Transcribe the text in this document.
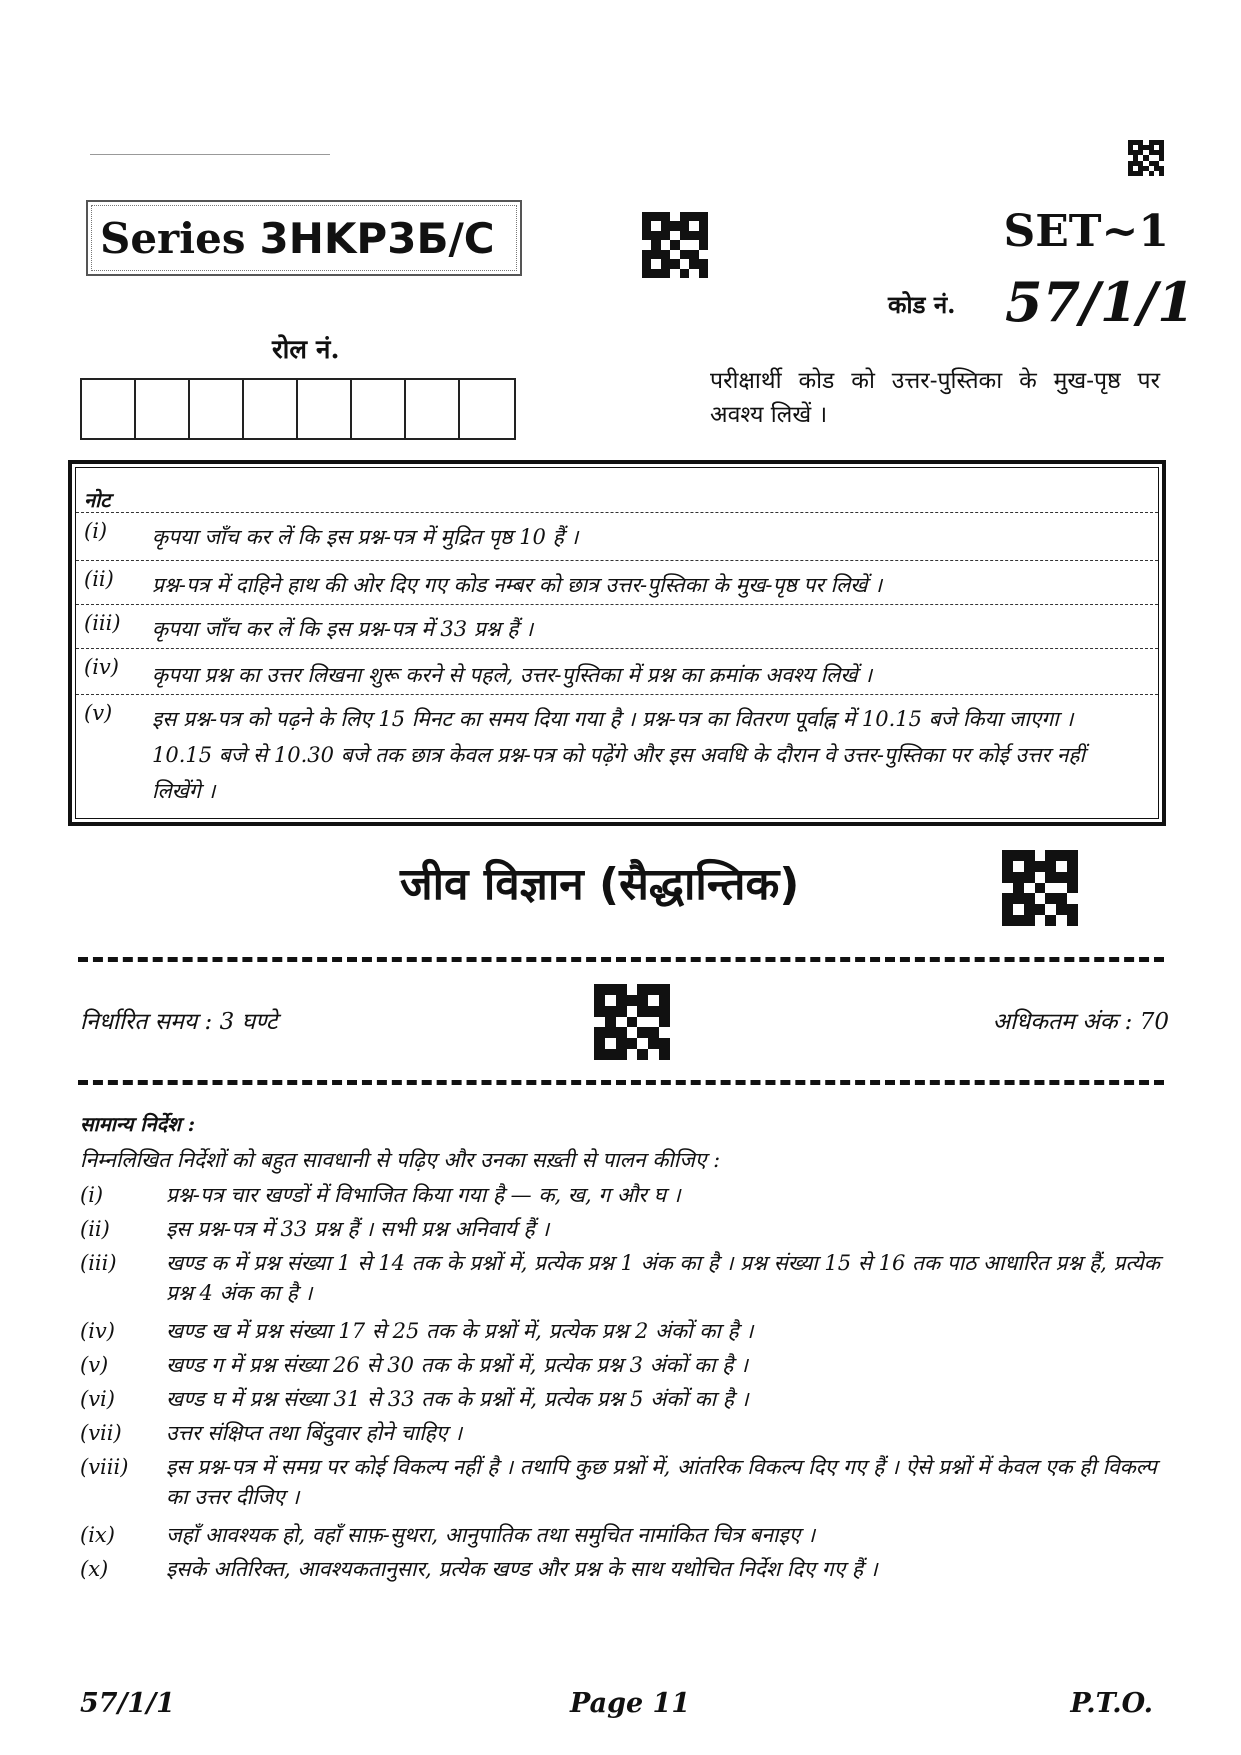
Series 3HKP3Б/C	SET~1
कोड नं. 57/1/1
रोल नं.
परीक्षार्थी कोड को उत्तर-पुस्तिका के मुख-पृष्ठ पर अवश्य लिखें ।
नोट
(i) कृपया जाँच कर लें कि इस प्रश्न-पत्र में मुद्रित पृष्ठ 10 हैं ।
(ii) प्रश्न-पत्र में दाहिने हाथ की ओर दिए गए कोड नम्बर को छात्र उत्तर-पुस्तिका के मुख-पृष्ठ पर लिखें ।
(iii) कृपया जाँच कर लें कि इस प्रश्न-पत्र में 33 प्रश्न हैं ।
(iv) कृपया प्रश्न का उत्तर लिखना शुरू करने से पहले, उत्तर-पुस्तिका में प्रश्न का क्रमांक अवश्य लिखें ।
(v) इस प्रश्न-पत्र को पढ़ने के लिए 15 मिनट का समय दिया गया है । प्रश्न-पत्र का वितरण पूर्वाह्न में 10.15 बजे किया जाएगा । 10.15 बजे से 10.30 बजे तक छात्र केवल प्रश्न-पत्र को पढ़ेंगे और इस अवधि के दौरान वे उत्तर-पुस्तिका पर कोई उत्तर नहीं लिखेंगे ।
जीव विज्ञान (सैद्धान्तिक)
निर्धारित समय : 3 घण्टे	अधिकतम अंक : 70
सामान्य निर्देश :
निम्नलिखित निर्देशों को बहुत सावधानी से पढ़िए और उनका सख़्ती से पालन कीजिए :
(i)	प्रश्न-पत्र चार खण्डों में विभाजित किया गया है — क, ख, ग और घ ।
(ii)	इस प्रश्न-पत्र में 33 प्रश्न हैं । सभी प्रश्न अनिवार्य हैं ।
(iii) खण्ड क में प्रश्न संख्या 1 से 14 तक के प्रश्नों में, प्रत्येक प्रश्न 1 अंक का है । प्रश्न संख्या 15 से 16 तक पाठ आधारित प्रश्न हैं, प्रत्येक प्रश्न 4 अंक का है ।
(iv) खण्ड ख में प्रश्न संख्या 17 से 25 तक के प्रश्नों में, प्रत्येक प्रश्न 2 अंकों का है ।
(v)	खण्ड ग में प्रश्न संख्या 26 से 30 तक के प्रश्नों में, प्रत्येक प्रश्न 3 अंकों का है ।
(vi) खण्ड घ में प्रश्न संख्या 31 से 33 तक के प्रश्नों में, प्रत्येक प्रश्न 5 अंकों का है ।
(vii) उत्तर संक्षिप्त तथा बिंदुवार होने चाहिए ।
(viii) इस प्रश्न-पत्र में समग्र पर कोई विकल्प नहीं है । तथापि कुछ प्रश्नों में, आंतरिक विकल्प दिए गए हैं । ऐसे प्रश्नों में केवल एक ही विकल्प का उत्तर दीजिए ।
(ix) जहाँ आवश्यक हो, वहाँ साफ़-सुथरा, आनुपातिक तथा समुचित नामांकित चित्र बनाइए ।
(x)	इसके अतिरिक्त, आवश्यकतानुसार, प्रत्येक खण्ड और प्रश्न के साथ यथोचित निर्देश दिए गए हैं ।
57/1/1	Page 11	P.T.O.
